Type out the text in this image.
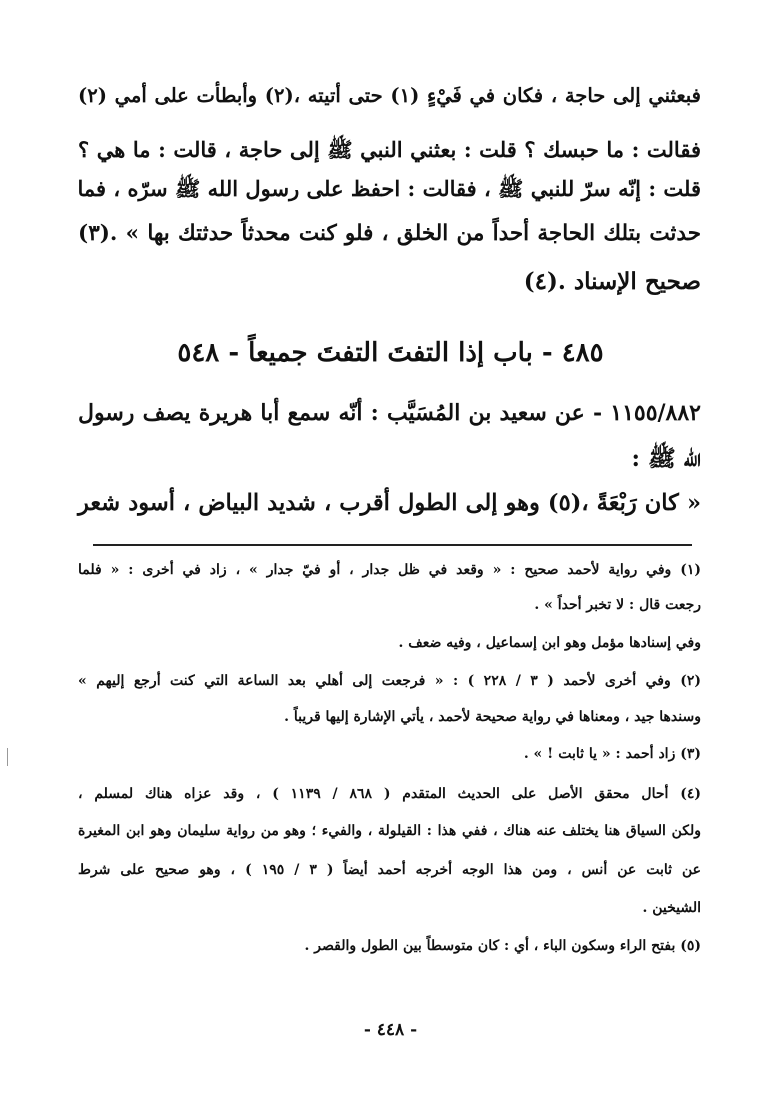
فبعثني إلى حاجة ، فكان في فَيْءٍ (١) حتى أتيته ،(٢) وأبطأت على أمي (٢)
فقالت : ما حبسك ؟ قلت : بعثني النبي ﷺ إلى حاجة ، قالت : ما هي ؟
قلت : إنّه سرّ للنبي ﷺ ، فقالت : احفظ على رسول الله ﷺ سرّه ، فما
حدثت بتلك الحاجة أحداً من الخلق ، فلو كنت محدثاً حدثتك بها » .(٣)
صحيح الإسناد .(٤)
٤٨٥ - باب إذا التفتَ التفتَ جميعاً - ٥٤٨
١١٥٥/٨٨٢ - عن سعيد بن المُسَيَّب : أنّه سمع أبا هريرة يصف رسول
الله ﷺ :
« كان رَبْعَةً ،(٥) وهو إلى الطول أقرب ، شديد البياض ، أسود شعر
(١) وفي رواية لأحمد صحيح : « وقعد في ظل جدار ، أو فيّ جدار » ، زاد في أخرى : « فلما
رجعت قال : لا تخبر أحداً » .
وفي إسنادها مؤمل وهو ابن إسماعيل ، وفيه ضعف .
(٢) وفي أخرى لأحمد ( ٣ / ٢٢٨ ) : « فرجعت إلى أهلي بعد الساعة التي كنت أرجع إليهم »
وسندها جيد ، ومعناها في رواية صحيحة لأحمد ، يأتي الإشارة إليها قريباً .
(٣) زاد أحمد : « يا ثابت ! » .
(٤) أحال محقق الأصل على الحديث المتقدم ( ٨٦٨ / ١١٣٩ ) ، وقد عزاه هناك لمسلم ،
ولكن السياق هنا يختلف عنه هناك ، ففي هذا : القيلولة ، والفيء ؛ وهو من رواية سليمان وهو ابن المغيرة
عن ثابت عن أنس ، ومن هذا الوجه أخرجه أحمد أيضاً ( ٣ / ١٩٥ ) ، وهو صحيح على شرط
الشيخين .
(٥) بفتح الراء وسكون الباء ، أي : كان متوسطاً بين الطول والقصر .
- ٤٤٨ -
